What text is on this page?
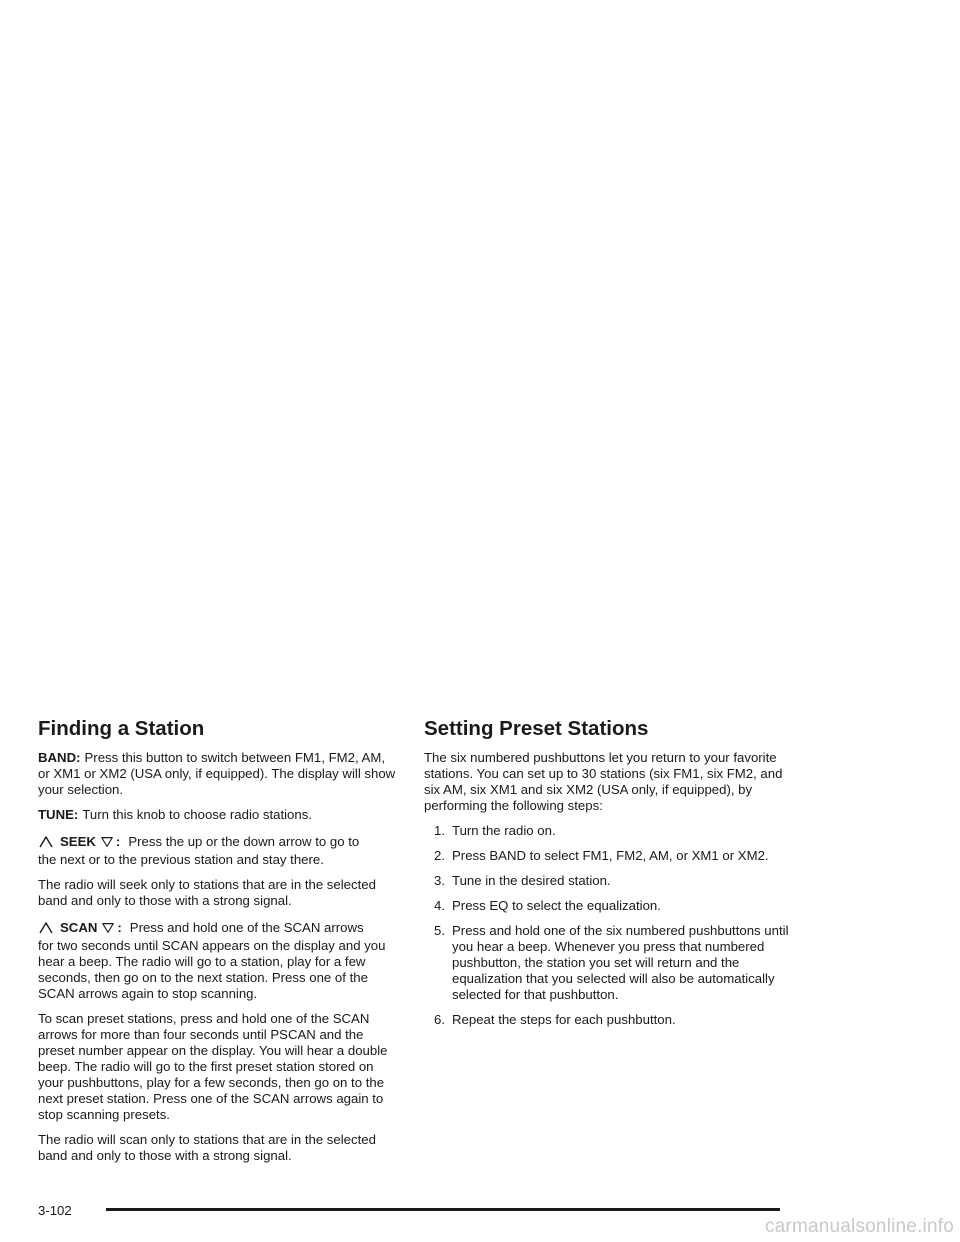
Finding a Station

BAND: Press this button to switch between FM1, FM2, AM, or XM1 or XM2 (USA only, if equipped). The display will show your selection.

TUNE: Turn this knob to choose radio stations.

SEEK : Press the up or the down arrow to go to
the next or to the previous station and stay there.

The radio will seek only to stations that are in the selected band and only to those with a strong signal.

SCAN : Press and hold one of the SCAN arrows
for two seconds until SCAN appears on the display and you hear a beep. The radio will go to a station, play for a few seconds, then go on to the next station. Press one of the SCAN arrows again to stop scanning.

To scan preset stations, press and hold one of the SCAN arrows for more than four seconds until PSCAN and the preset number appear on the display. You will hear a double beep. The radio will go to the first preset station stored on your pushbuttons, play for a few seconds, then go on to the next preset station. Press one of the SCAN arrows again to stop scanning presets.

The radio will scan only to stations that are in the selected band and only to those with a strong signal.

Setting Preset Stations

The six numbered pushbuttons let you return to your favorite stations. You can set up to 30 stations (six FM1, six FM2, and six AM, six XM1 and six XM2 (USA only, if equipped), by performing the following steps:

1. Turn the radio on.
2. Press BAND to select FM1, FM2, AM, or XM1 or XM2.
3. Tune in the desired station.
4. Press EQ to select the equalization.
5. Press and hold one of the six numbered pushbuttons until you hear a beep. Whenever you press that numbered pushbutton, the station you set will return and the equalization that you selected will also be automatically selected for that pushbutton.
6. Repeat the steps for each pushbutton.
3-102
carmanualsonline.info
